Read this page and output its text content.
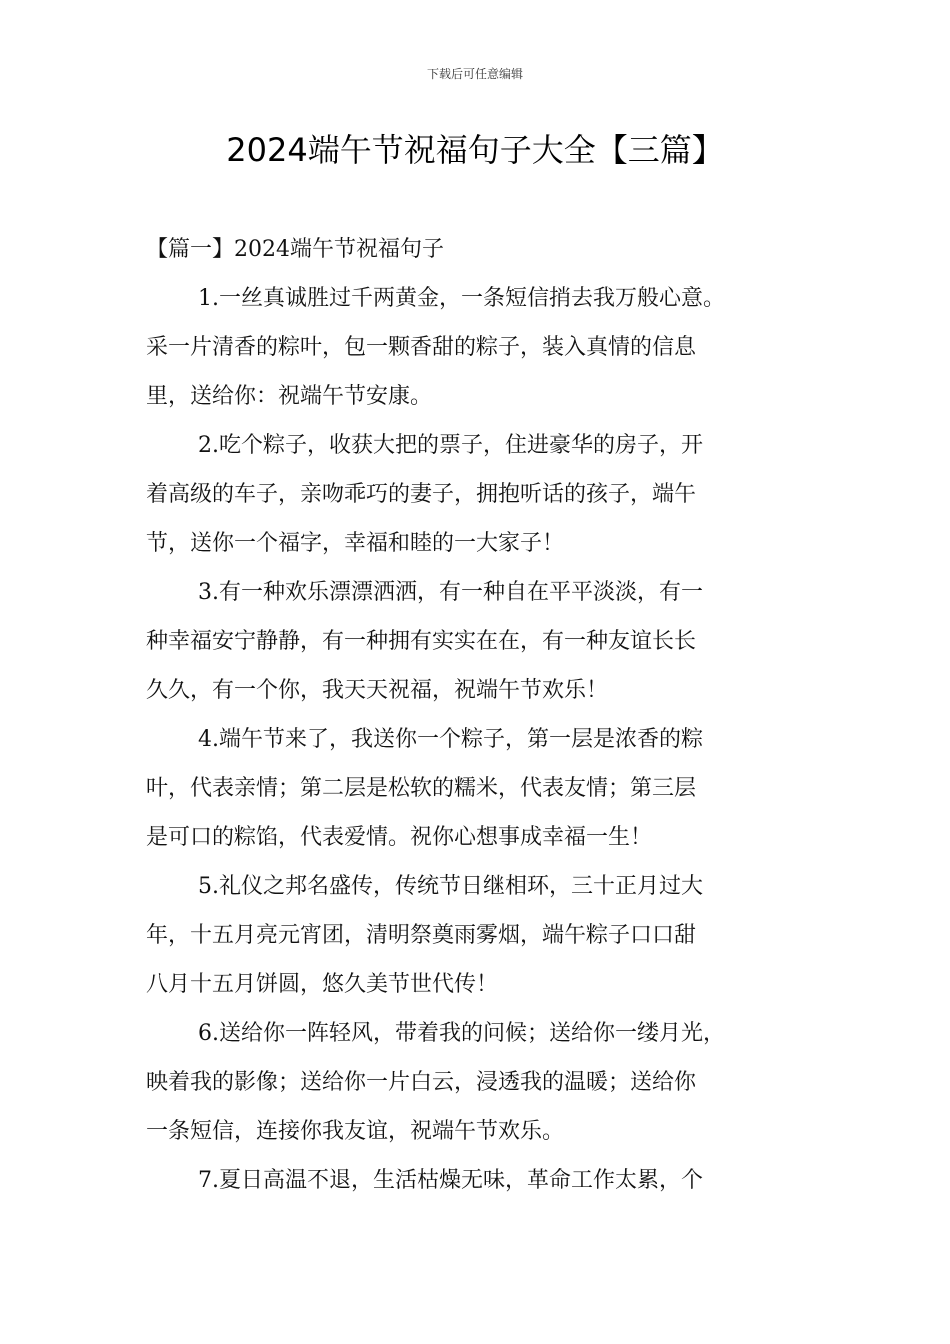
下载后可任意编辑
2024端午节祝福句子大全【三篇】
【篇一】2024端午节祝福句子
1.一丝真诚胜过千两黄金，一条短信捎去我万般心意。
采一片清香的粽叶，包一颗香甜的粽子，装入真情的信息
里，送给你：祝端午节安康。
2.吃个粽子，收获大把的票子，住进豪华的房子，开
着高级的车子，亲吻乖巧的妻子，拥抱听话的孩子，端午
节，送你一个福字，幸福和睦的一大家子！
3.有一种欢乐漂漂洒洒，有一种自在平平淡淡，有一
种幸福安宁静静，有一种拥有实实在在，有一种友谊长长
久久，有一个你，我天天祝福，祝端午节欢乐！
4.端午节来了，我送你一个粽子，第一层是浓香的粽
叶，代表亲情；第二层是松软的糯米，代表友情；第三层
是可口的粽馅，代表爱情。祝你心想事成幸福一生！
5.礼仪之邦名盛传，传统节日继相环，三十正月过大
年，十五月亮元宵团，清明祭奠雨雾烟，端午粽子口口甜
八月十五月饼圆，悠久美节世代传！
6.送给你一阵轻风，带着我的问候；送给你一缕月光，
映着我的影像；送给你一片白云，浸透我的温暖；送给你
一条短信，连接你我友谊，祝端午节欢乐。
7.夏日高温不退，生活枯燥无味，革命工作太累，个
